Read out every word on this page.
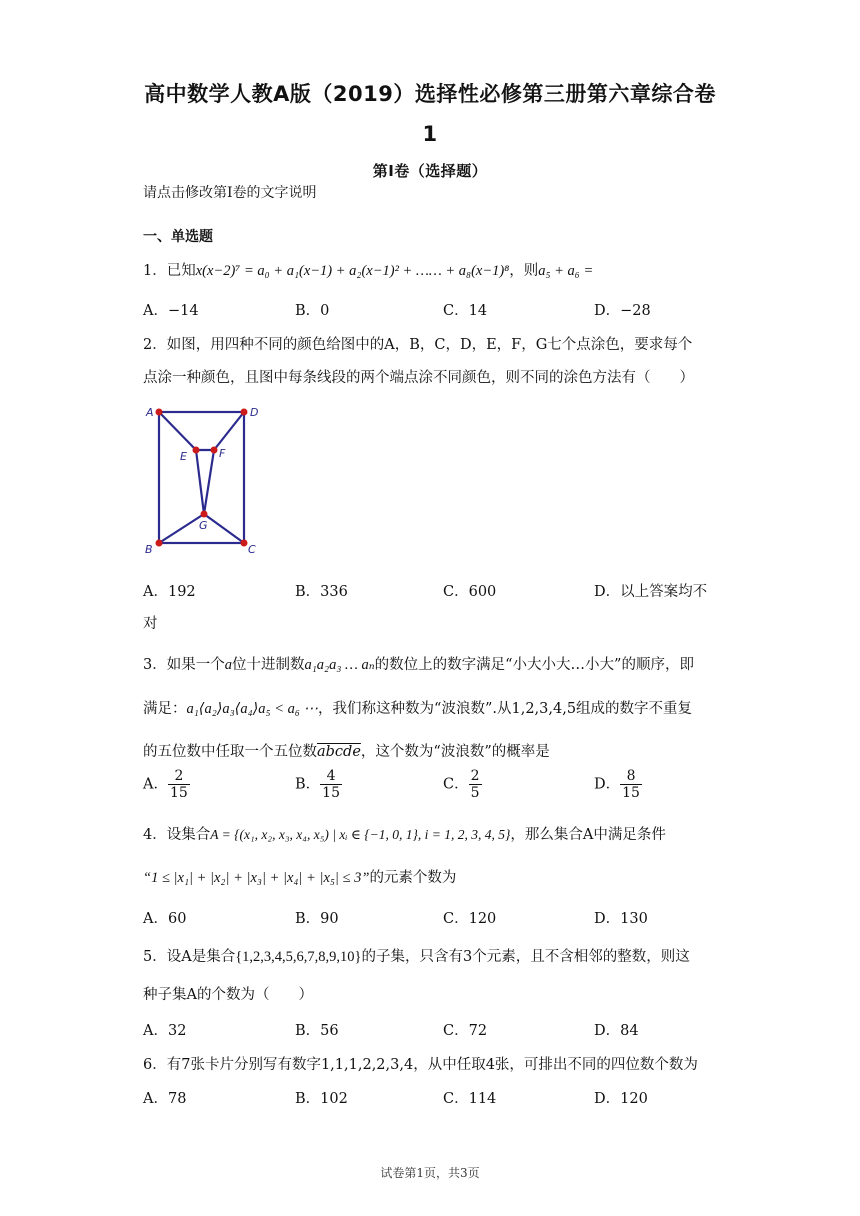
高中数学人教A版（2019）选择性必修第三册第六章综合卷
1
第Ⅰ卷（选择题）
请点击修改第I卷的文字说明
一、单选题
1．已知x(x−2)⁷ = a₀ + a₁(x−1) + a₂(x−1)² + …… + a₈(x−1)⁸，则a₅ + a₆ =
A．−14	B．0	C．14	D．−28
2．如图，用四种不同的颜色给图中的A，B，C，D，E，F，G七个点涂色，要求每个
点涂一种颜色，且图中每条线段的两个端点涂不同颜色，则不同的涂色方法有（　　）
A	D
E	F
G
B	C
A．192	B．336	C．600	D．以上答案均不
对
3．如果一个a位十进制数a₁a₂a₃ … aₙ的数位上的数字满足“小大小大…小大”的顺序，即
满足：a₁⟨a₂⟩a₃⟨a₄⟩a₅ < a₆ ⋯，我们称这种数为“波浪数”.从1,2,3,4,5组成的数字不重复
的五位数中任取一个五位数abcde，这个数为“波浪数”的概率是
A． $\frac{2}{15}$	B． $\frac{4}{15}$	C． $\frac{2}{5}$	D． $\frac{8}{15}$
4．设集合A = {(x₁, x₂, x₃, x₄, x₅) | xᵢ ∈ {−1, 0, 1}, i = 1, 2, 3, 4, 5}，那么集合A中满足条件
“1 ≤ |x₁| + |x₂| + |x₃| + |x₄| + |x₅| ≤ 3”的元素个数为
A．60	B．90	C．120	D．130
5．设A是集合{1,2,3,4,5,6,7,8,9,10}的子集，只含有3个元素，且不含相邻的整数，则这
种子集A的个数为（　　）
A．32	B．56	C．72	D．84
6．有7张卡片分别写有数字1,1,1,2,2,3,4，从中任取4张，可排出不同的四位数个数为
A．78	B．102	C．114	D．120
试卷第1页，共3页
